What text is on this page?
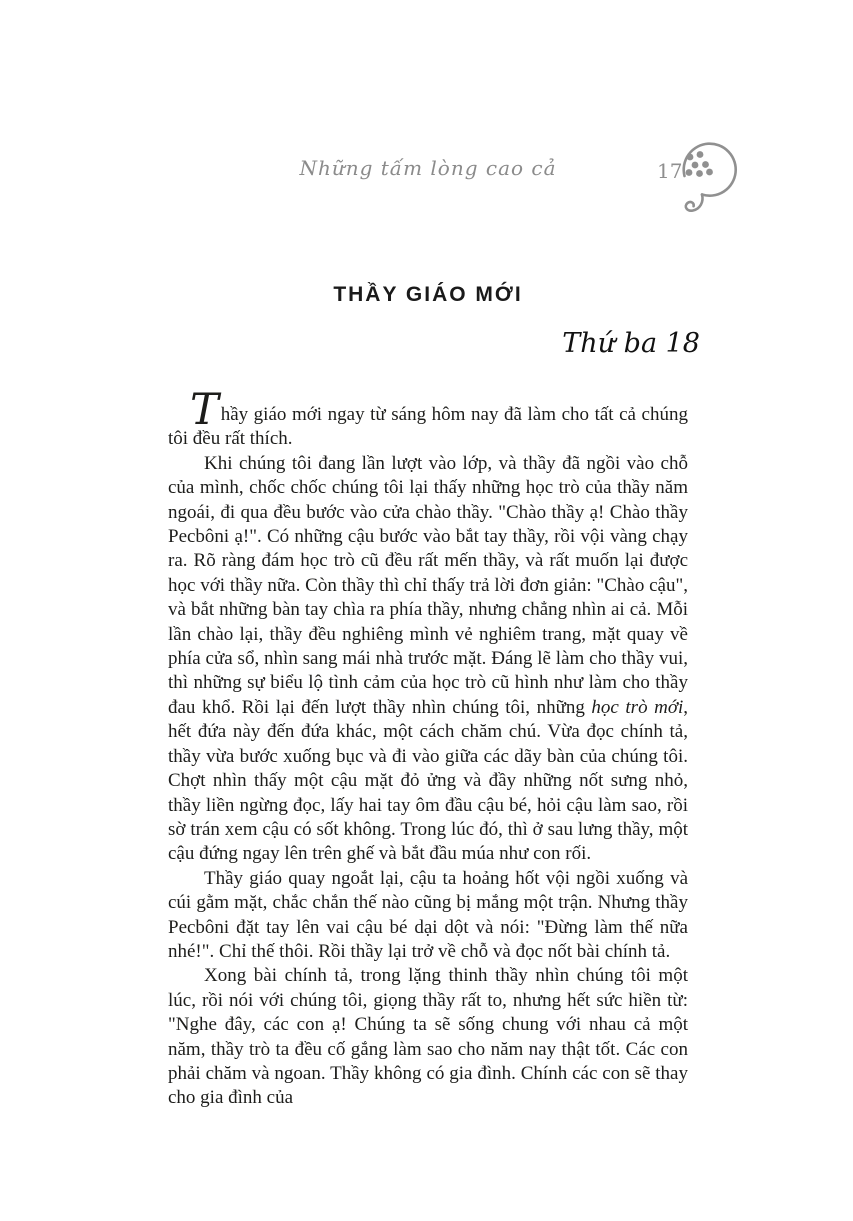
Những tấm lòng cao cả	17
THẦY GIÁO MỚI
Thứ ba 18

Thầy giáo mới ngay từ sáng hôm nay đã làm cho tất cả chúng tôi đều rất thích.

Khi chúng tôi đang lần lượt vào lớp, và thầy đã ngồi vào chỗ của mình, chốc chốc chúng tôi lại thấy những học trò của thầy năm ngoái, đi qua đều bước vào cửa chào thầy. "Chào thầy ạ! Chào thầy Pecbôni ạ!". Có những cậu bước vào bắt tay thầy, rồi vội vàng chạy ra. Rõ ràng đám học trò cũ đều rất mến thầy, và rất muốn lại được học với thầy nữa. Còn thầy thì chỉ thấy trả lời đơn giản: "Chào cậu", và bắt những bàn tay chìa ra phía thầy, nhưng chẳng nhìn ai cả. Mỗi lần chào lại, thầy đều nghiêng mình vẻ nghiêm trang, mặt quay về phía cửa sổ, nhìn sang mái nhà trước mặt. Đáng lẽ làm cho thầy vui, thì những sự biểu lộ tình cảm của học trò cũ hình như làm cho thầy đau khổ. Rồi lại đến lượt thầy nhìn chúng tôi, những học trò mới, hết đứa này đến đứa khác, một cách chăm chú. Vừa đọc chính tả, thầy vừa bước xuống bục và đi vào giữa các dãy bàn của chúng tôi. Chợt nhìn thấy một cậu mặt đỏ ửng và đầy những nốt sưng nhỏ, thầy liền ngừng đọc, lấy hai tay ôm đầu cậu bé, hỏi cậu làm sao, rồi sờ trán xem cậu có sốt không. Trong lúc đó, thì ở sau lưng thầy, một cậu đứng ngay lên trên ghế và bắt đầu múa như con rối.

Thầy giáo quay ngoắt lại, cậu ta hoảng hốt vội ngồi xuống và cúi gằm mặt, chắc chắn thế nào cũng bị mắng một trận. Nhưng thầy Pecbôni đặt tay lên vai cậu bé dại dột và nói: "Đừng làm thế nữa nhé!". Chỉ thế thôi. Rồi thầy lại trở về chỗ và đọc nốt bài chính tả.

Xong bài chính tả, trong lặng thinh thầy nhìn chúng tôi một lúc, rồi nói với chúng tôi, giọng thầy rất to, nhưng hết sức hiền từ: "Nghe đây, các con ạ! Chúng ta sẽ sống chung với nhau cả một năm, thầy trò ta đều cố gắng làm sao cho năm nay thật tốt. Các con phải chăm và ngoan. Thầy không có gia đình. Chính các con sẽ thay cho gia đình của
